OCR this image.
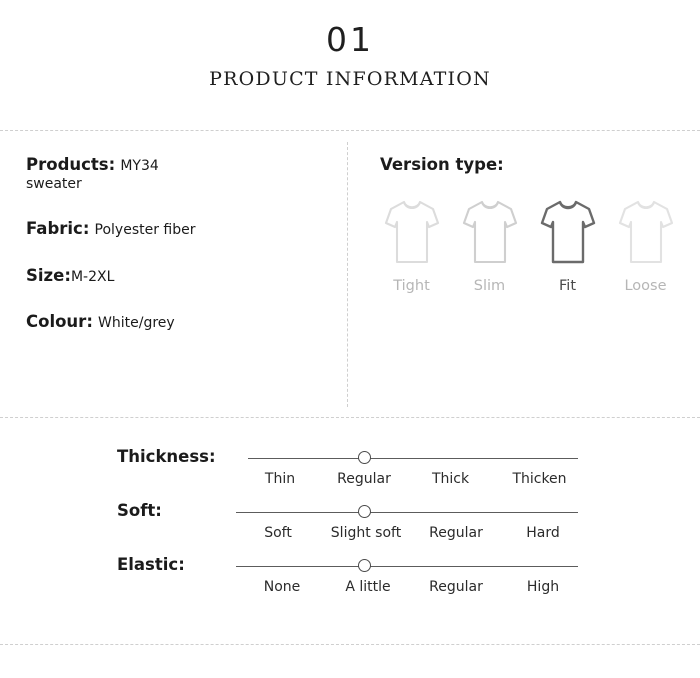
01
PRODUCT INFORMATION
Products: MY34
sweater
Fabric: Polyester fiber
Size:M-2XL
Colour: White/grey
Version type:
Tight	Slim	Fit	Loose
Thickness:
Thin	Regular	Thick	Thicken
Soft:
Soft	Slight soft	Regular	Hard
Elastic:
None	A little	Regular	High
